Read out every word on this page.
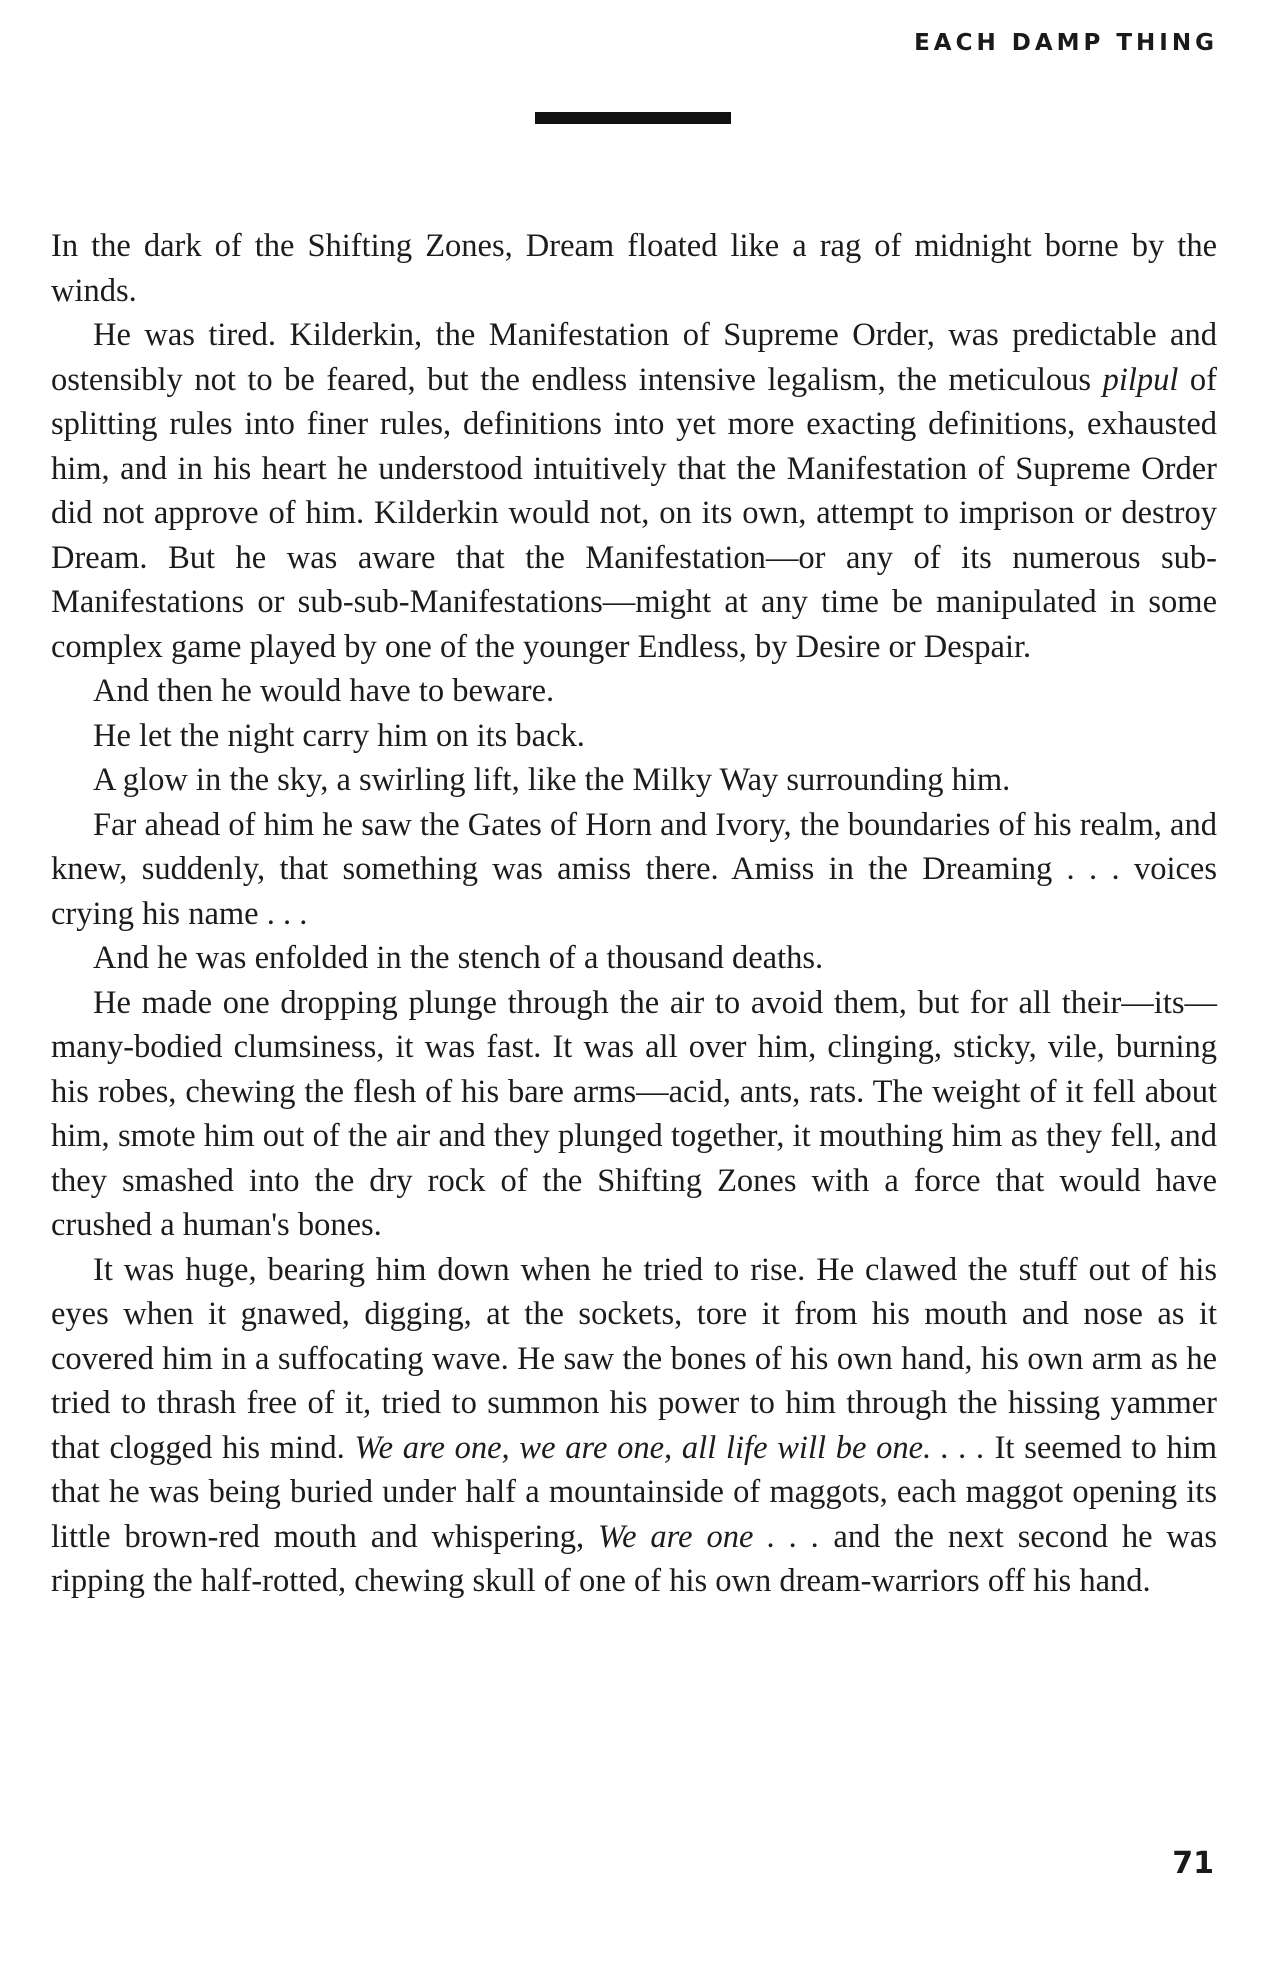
EACH DAMP THING

In the dark of the Shifting Zones, Dream floated like a rag of midnight borne by the winds.

He was tired. Kilderkin, the Manifestation of Supreme Order, was predictable and ostensibly not to be feared, but the endless intensive legalism, the meticulous pilpul of splitting rules into finer rules, definitions into yet more exacting definitions, exhausted him, and in his heart he understood intuitively that the Manifestation of Supreme Order did not approve of him. Kilderkin would not, on its own, attempt to imprison or destroy Dream. But he was aware that the Manifestation—or any of its numerous sub-Manifestations or sub-sub-Manifestations—might at any time be manipulated in some complex game played by one of the younger Endless, by Desire or Despair.

And then he would have to beware.

He let the night carry him on its back.

A glow in the sky, a swirling lift, like the Milky Way surrounding him.

Far ahead of him he saw the Gates of Horn and Ivory, the boundaries of his realm, and knew, suddenly, that something was amiss there. Amiss in the Dreaming . . . voices crying his name . . .

And he was enfolded in the stench of a thousand deaths.

He made one dropping plunge through the air to avoid them, but for all their—its—many-bodied clumsiness, it was fast. It was all over him, clinging, sticky, vile, burning his robes, chewing the flesh of his bare arms—acid, ants, rats. The weight of it fell about him, smote him out of the air and they plunged together, it mouthing him as they fell, and they smashed into the dry rock of the Shifting Zones with a force that would have crushed a human's bones.

It was huge, bearing him down when he tried to rise. He clawed the stuff out of his eyes when it gnawed, digging, at the sockets, tore it from his mouth and nose as it covered him in a suffocating wave. He saw the bones of his own hand, his own arm as he tried to thrash free of it, tried to summon his power to him through the hissing yammer that clogged his mind. We are one, we are one, all life will be one. . . . It seemed to him that he was being buried under half a mountainside of maggots, each maggot opening its little brown-red mouth and whispering, We are one . . . and the next second he was ripping the half-rotted, chewing skull of one of his own dream-warriors off his hand.

71
